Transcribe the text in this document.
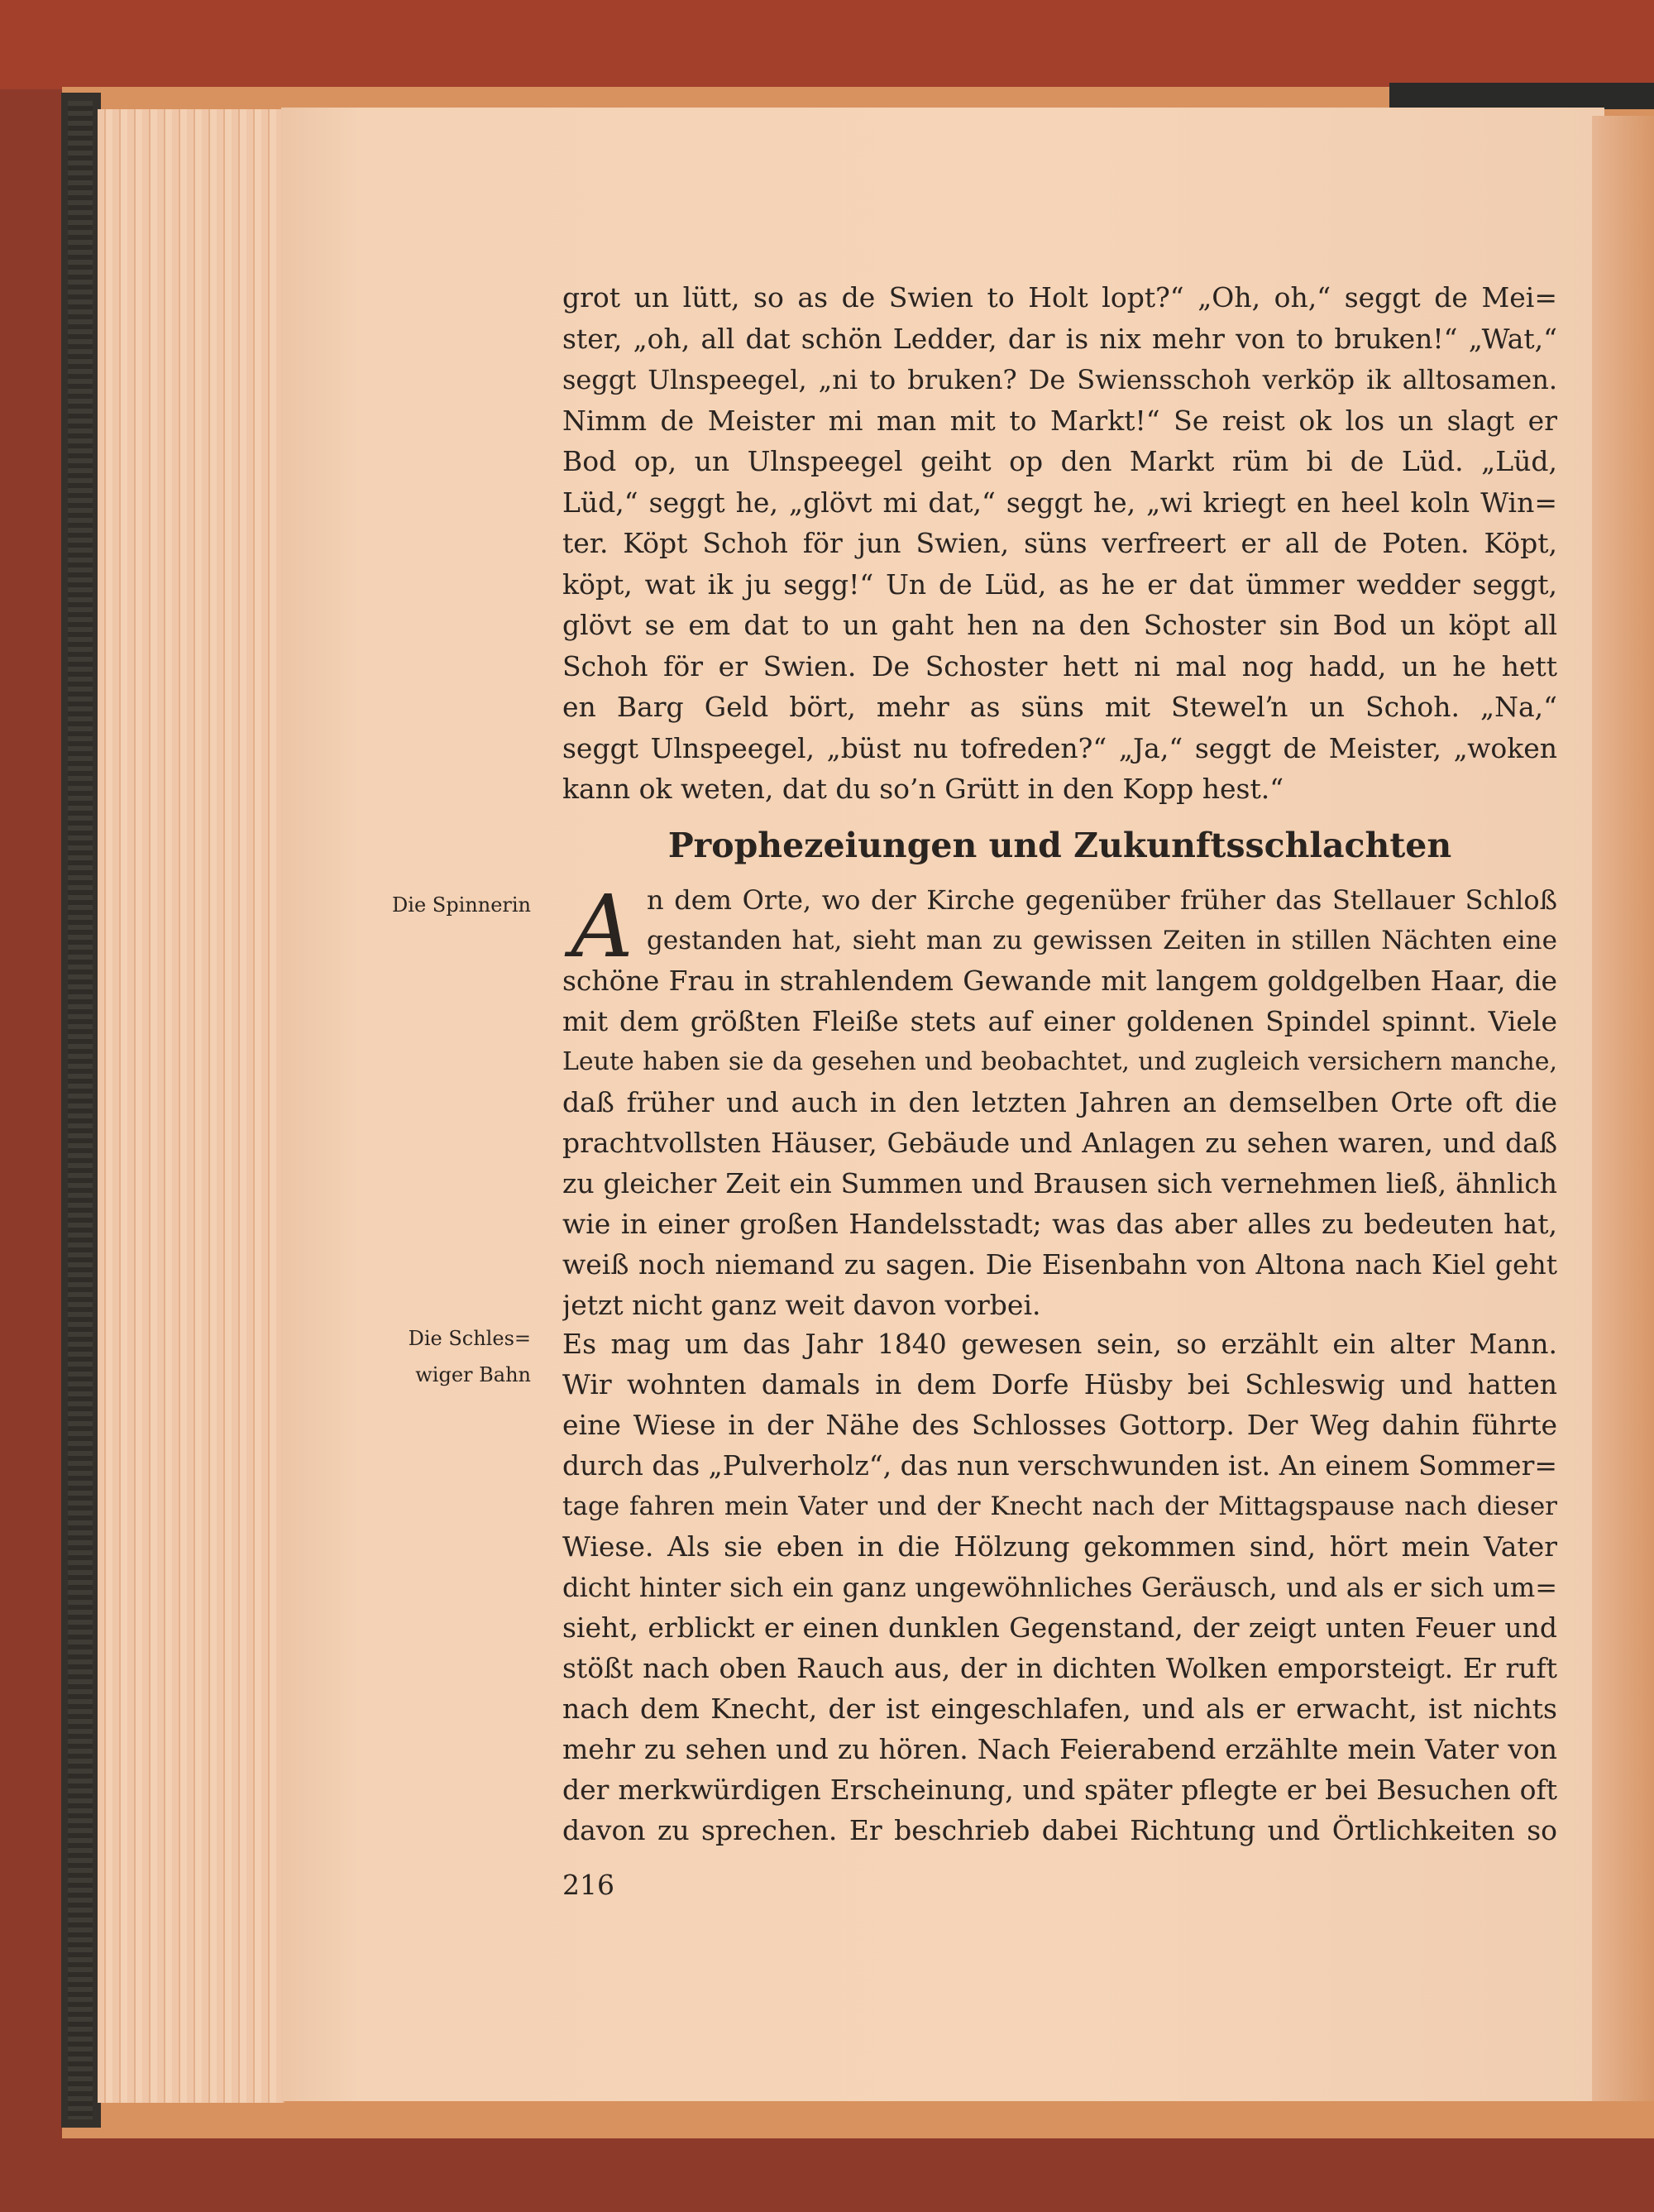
grot un lütt, so as de Swien to Holt lopt?“ „Oh, oh,“ seggt de Mei=
ster, „oh, all dat schön Ledder, dar is nix mehr von to bruken!“ „Wat,“
seggt Ulnspeegel, „ni to bruken? De Swiensschoh verköp ik alltosamen.
Nimm de Meister mi man mit to Markt!“ Se reist ok los un slagt er
Bod op, un Ulnspeegel geiht op den Markt rüm bi de Lüd. „Lüd,
Lüd,“ seggt he, „glövt mi dat,“ seggt he, „wi kriegt en heel koln Win=
ter. Köpt Schoh för jun Swien, süns verfreert er all de Poten. Köpt,
köpt, wat ik ju segg!“ Un de Lüd, as he er dat ümmer wedder seggt,
glövt se em dat to un gaht hen na den Schoster sin Bod un köpt all
Schoh för er Swien. De Schoster hett ni mal nog hadd, un he hett
en Barg Geld bört, mehr as süns mit Stewelŉ un Schoh. „Na,“
seggt Ulnspeegel, „büst nu tofreden?“ „Ja,“ seggt de Meister, „woken
kann ok weten, dat du so’n Grütt in den Kopp hest.“
Prophezeiungen und Zukunftsschlachten
Die Spinnerin
Die Schles=
wiger Bahn
A n dem Orte, wo der Kirche gegenüber früher das Stellauer Schloß
gestanden hat, sieht man zu gewissen Zeiten in stillen Nächten eine
schöne Frau in strahlendem Gewande mit langem goldgelben Haar, die
mit dem größten Fleiße stets auf einer goldenen Spindel spinnt. Viele
Leute haben sie da gesehen und beobachtet, und zugleich versichern manche,
daß früher und auch in den letzten Jahren an demselben Orte oft die
prachtvollsten Häuser, Gebäude und Anlagen zu sehen waren, und daß
zu gleicher Zeit ein Summen und Brausen sich vernehmen ließ, ähnlich
wie in einer großen Handelsstadt; was das aber alles zu bedeuten hat,
weiß noch niemand zu sagen. Die Eisenbahn von Altona nach Kiel geht
jetzt nicht ganz weit davon vorbei.
Es mag um das Jahr 1840 gewesen sein, so erzählt ein alter Mann.
Wir wohnten damals in dem Dorfe Hüsby bei Schleswig und hatten
eine Wiese in der Nähe des Schlosses Gottorp. Der Weg dahin führte
durch das „Pulverholz“, das nun verschwunden ist. An einem Sommer=
tage fahren mein Vater und der Knecht nach der Mittagspause nach dieser
Wiese. Als sie eben in die Hölzung gekommen sind, hört mein Vater
dicht hinter sich ein ganz ungewöhnliches Geräusch, und als er sich um=
sieht, erblickt er einen dunklen Gegenstand, der zeigt unten Feuer und
stößt nach oben Rauch aus, der in dichten Wolken emporsteigt. Er ruft
nach dem Knecht, der ist eingeschlafen, und als er erwacht, ist nichts
mehr zu sehen und zu hören. Nach Feierabend erzählte mein Vater von
der merkwürdigen Erscheinung, und später pflegte er bei Besuchen oft
davon zu sprechen. Er beschrieb dabei Richtung und Örtlichkeiten so
216
